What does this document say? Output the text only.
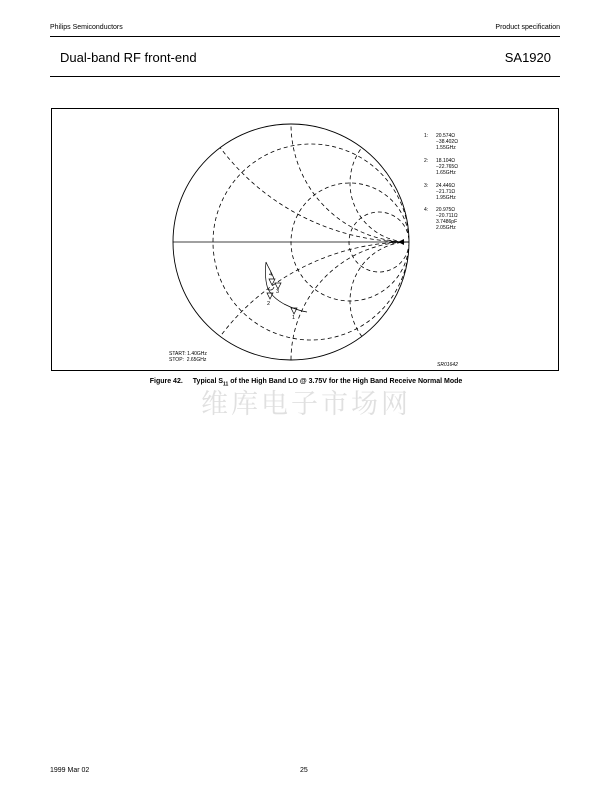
Philips Semiconductors	Product specification
Dual-band RF front-end	SA1920
4
3
2
1
1: 20.574Ω
−38.402Ω
1.55GHz
2: 18.104Ω
−22.765Ω
1.65GHz
3: 24.446Ω
−21.71Ω
1.95GHz
4: 20.975Ω
−20.711Ω
3.7486pF
2.05GHz
START: 1.40GHz
STOP:  2.65GHz
SR01642
Figure 42. Typical $S_{11}$ of the High Band LO @ 3.75V for the High Band Receive Normal Mode
维库电子市场网
1999 Mar 02	25
